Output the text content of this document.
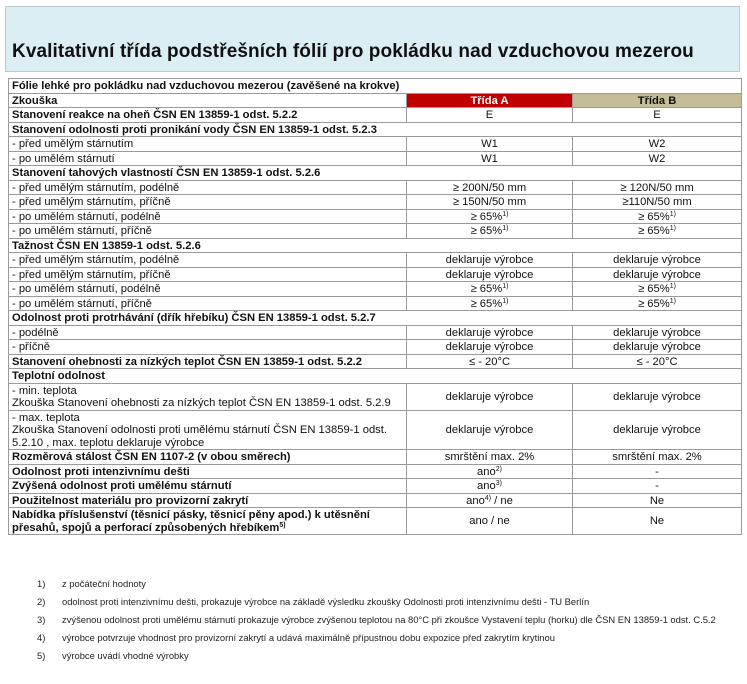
Kvalitativní třída podstřešních fólií pro pokládku nad vzduchovou mezerou
Fólie lehké pro pokládku nad vzduchovou mezerou (zavěšené na krokve)		
Zkouška	Třída A	Třída B
Stanovení reakce na oheň ČSN EN 13859-1 odst. 5.2.2	E	E
Stanovení odolnosti proti pronikání vody ČSN EN 13859-1 odst. 5.2.3		
- před umělým stárnutím	W1	W2
- po umělém stárnutí	W1	W2
Stanovení tahových vlastností ČSN EN 13859-1 odst. 5.2.6		
- před umělým stárnutím, podélně	≥ 200N/50 mm	≥ 120N/50 mm
- před umělým stárnutím, příčně	≥ 150N/50 mm	≥110N/50 mm
- po umělém stárnutí, podélně	≥ 65%$^{1)}$	≥ 65%$^{1)}$
- po umělém stárnutí, příčně	≥ 65%$^{1)}$	≥ 65%$^{1)}$
Tažnost ČSN EN 13859-1 odst. 5.2.6		
- před umělým stárnutím, podélně	deklaruje výrobce	deklaruje výrobce
- před umělým stárnutím, příčně	deklaruje výrobce	deklaruje výrobce
- po umělém stárnutí, podélně	≥ 65%$^{1)}$	≥ 65%$^{1)}$
- po umělém stárnutí, příčně	≥ 65%$^{1)}$	≥ 65%$^{1)}$
Odolnost proti protrhávání (dřík hřebíku) ČSN EN 13859-1 odst. 5.2.7		
- podélně	deklaruje výrobce	deklaruje výrobce
- příčně	deklaruje výrobce	deklaruje výrobce
Stanovení ohebnosti za nízkých teplot ČSN EN 13859-1 odst. 5.2.2	≤ - 20°C	≤ - 20°C
Teplotní odolnost		
- min. teplota
Zkouška Stanovení ohebnosti za nízkých teplot ČSN EN 13859-1 odst. 5.2.9	deklaruje výrobce	deklaruje výrobce
- max. teplota
Zkouška Stanovení odolnosti proti umělému stárnutí ČSN EN 13859-1 odst. 5.2.10 , max. teplotu deklaruje výrobce	deklaruje výrobce	deklaruje výrobce
Rozměrová stálost ČSN EN 1107-2 (v obou směrech)	smrštění max. 2%	smrštění max. 2%
Odolnost proti intenzivnímu dešti	ano$^{2)}$	-
Zvýšená odolnost proti umělému stárnutí	ano$^{3)}$	-
Použitelnost materiálu pro provizorní zakrytí	ano$^{4)}$ / ne	Ne
Nabídka příslušenství (těsnicí pásky, těsnicí pěny apod.) k utěsnění přesahů, spojů a perforací způsobených hřebíkem$^{5)}$	ano / ne	Ne
1)	z počáteční hodnoty
2)	odolnost proti intenzivnímu dešti, prokazuje výrobce na základě výsledku zkoušky Odolnosti proti intenzivnímu dešti - TU Berlín
3)	zvýšenou odolnost proti umělému stárnutí prokazuje výrobce zvýšenou teplotou na 80°C při zkoušce Vystavení teplu (horku) dle ČSN EN 13859-1 odst. C.5.2
4)	výrobce potvrzuje vhodnost pro provizorní zakrytí a udává maximálně přípustnou dobu expozice před zakrytím krytinou
5)	výrobce uvádí vhodné výrobky
